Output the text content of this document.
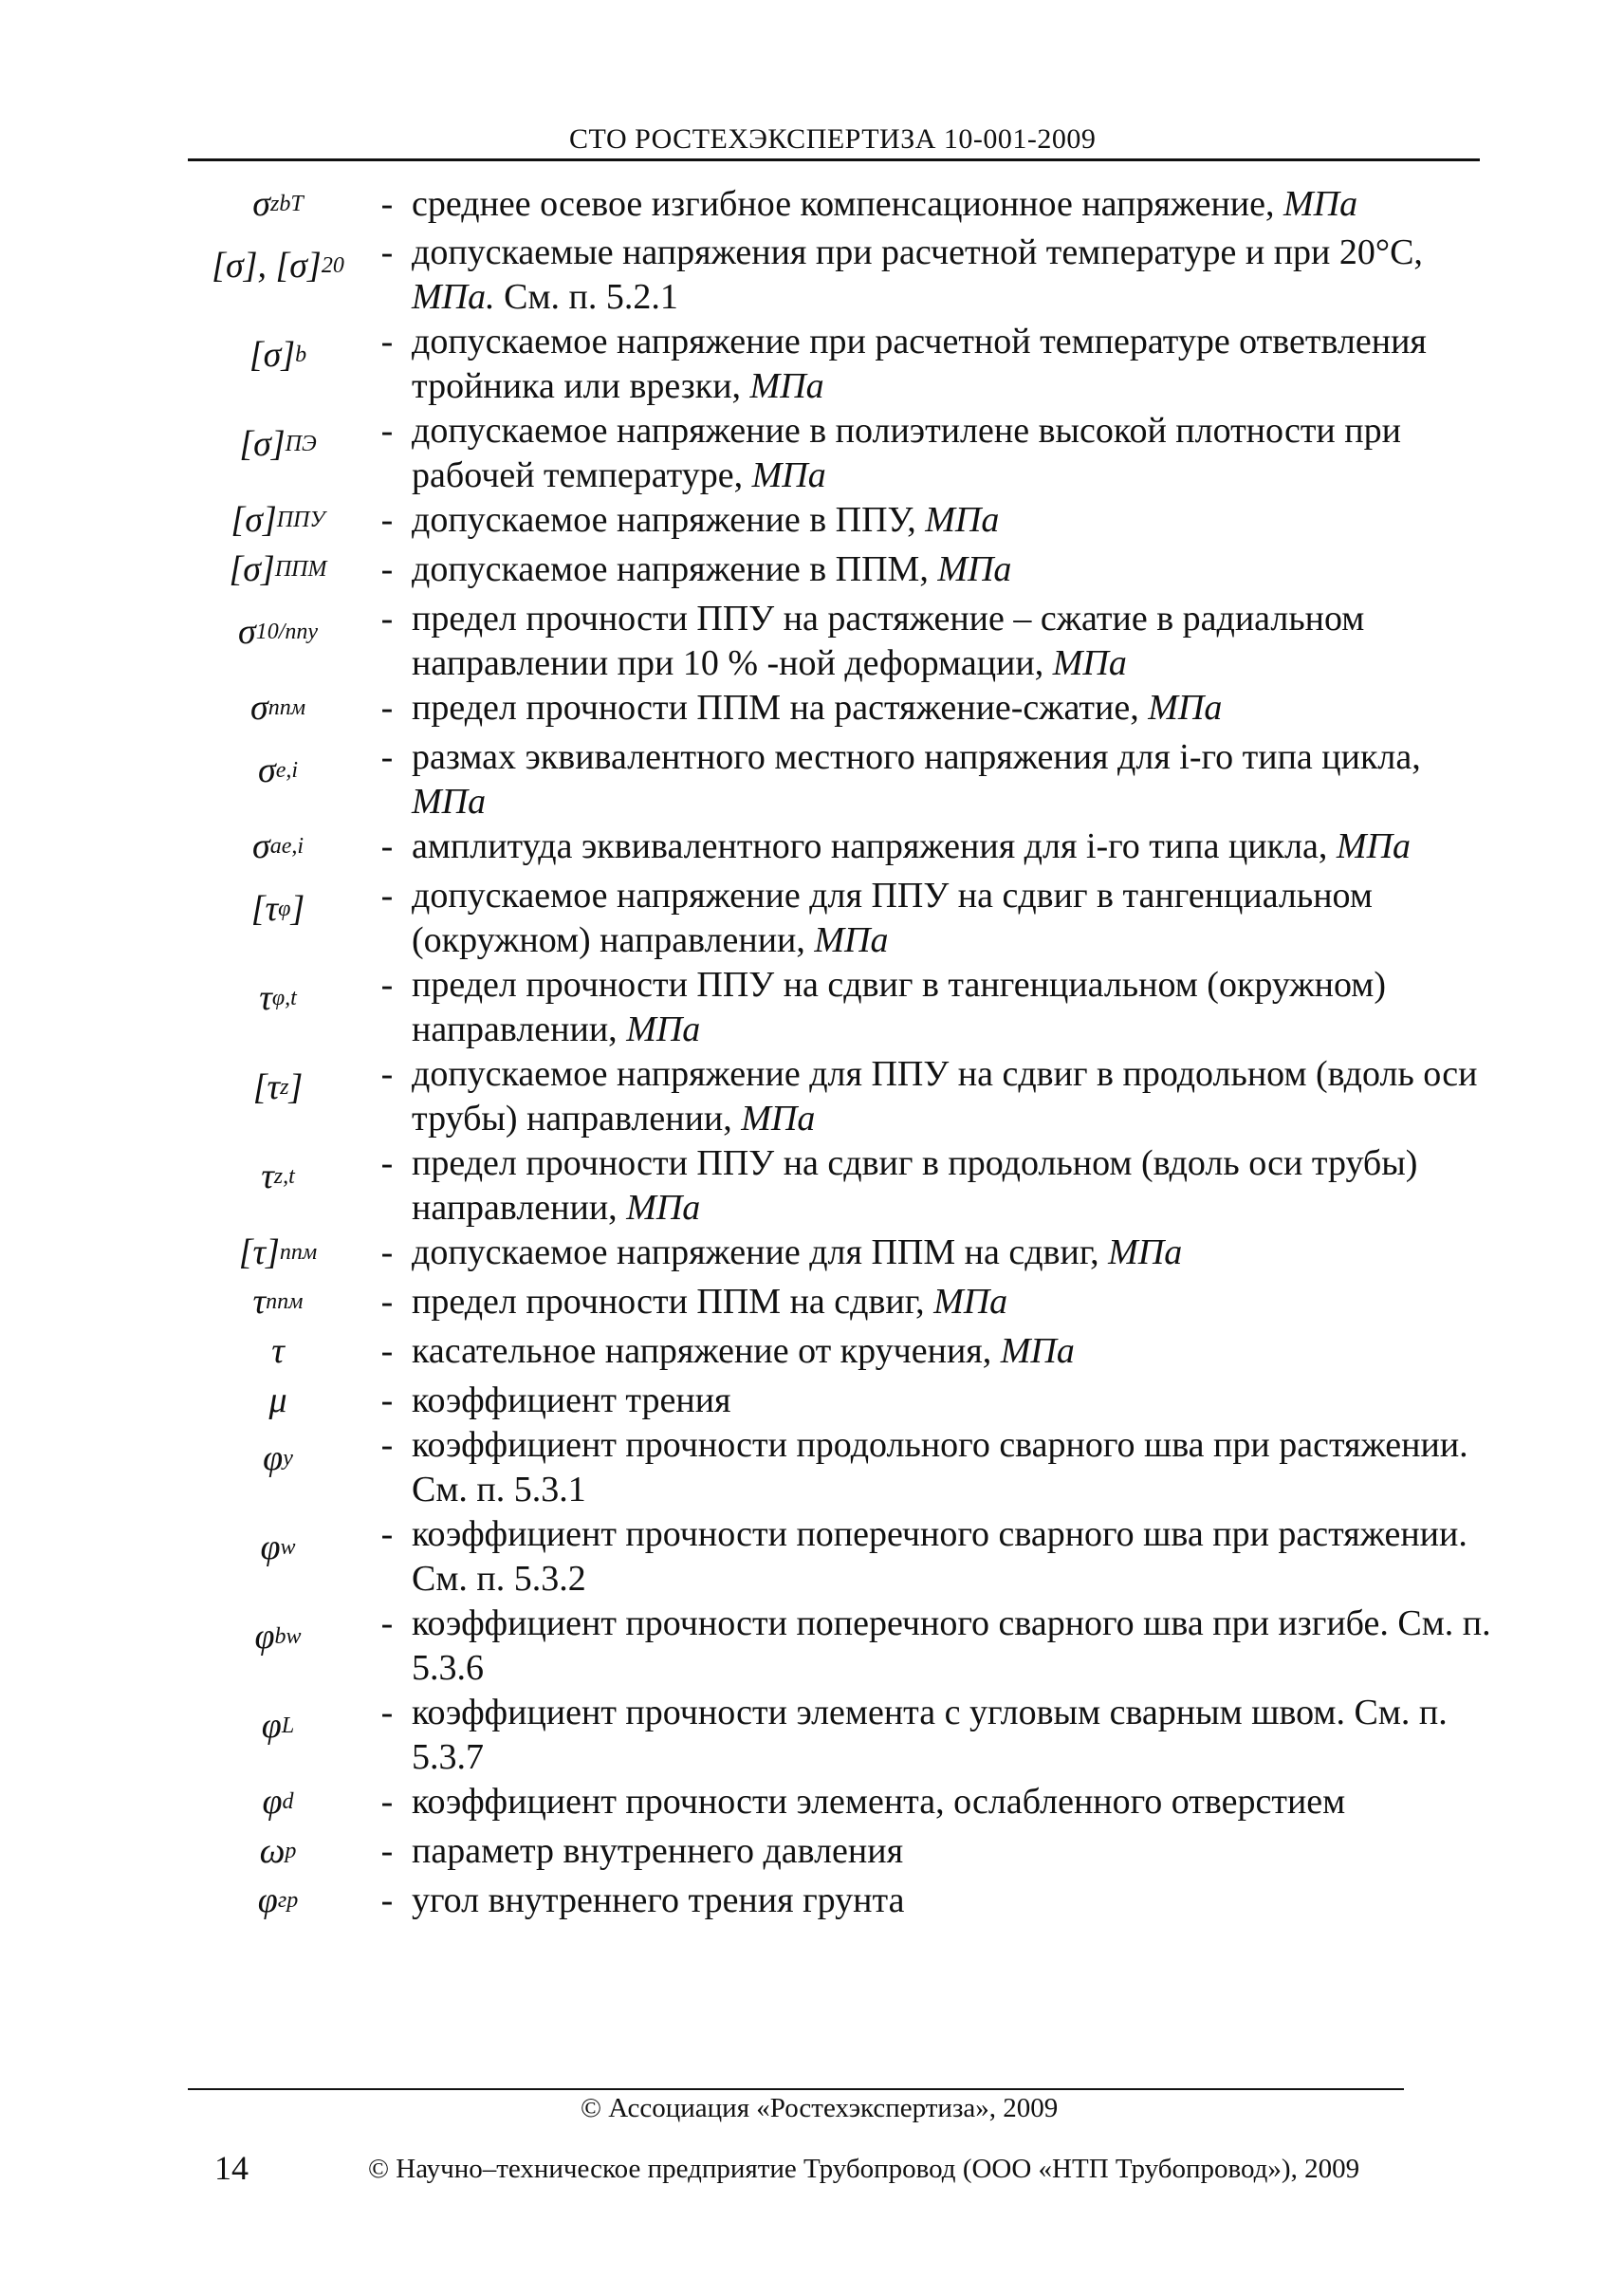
СТО РОСТЕХЭКСПЕРТИЗА 10-001-2009
σ zbT	- среднее осевое изгибное компенсационное напряжение, МПа
[σ], [σ] 20	- допускаемые напряжения при расчетной температуре и при 20°С, МПа. См. п. 5.2.1
[σ] b	- допускаемое напряжение при расчетной температуре ответвления тройника или врезки, МПа
[σ] ПЭ	- допускаемое напряжение в полиэтилене высокой плотности при рабочей температуре, МПа
[σ] ППУ	- допускаемое напряжение в ППУ, МПа
[σ] ППМ	- допускаемое напряжение в ППМ, МПа
σ 10/ппу	- предел прочности ППУ на растяжение – сжатие в радиальном направлении при 10 % -ной деформации, МПа
σ ппм	- предел прочности ППМ на растяжение-сжатие, МПа
σ e,i	- размах эквивалентного местного напряжения для i-го типа цикла, МПа
σ ae,i	- амплитуда эквивалентного напряжения для i-го типа цикла, МПа
[τ φ ]	- допускаемое напряжение для ППУ на сдвиг в тангенциальном (окружном) направлении, МПа
τ φ,t	- предел прочности ППУ на сдвиг в тангенциальном (окружном) направлении, МПа
[τ z ]	- допускаемое напряжение для ППУ на сдвиг в продольном (вдоль оси трубы) направлении, МПа
τ z,t	- предел прочности ППУ на сдвиг в продольном (вдоль оси трубы) направлении, МПа
[τ] ппм	- допускаемое напряжение для ППМ на сдвиг, МПа
τ ппм	- предел прочности ППМ на сдвиг, МПа
τ	- касательное напряжение от кручения, МПа
μ	- коэффициент трения
φ y	- коэффициент прочности продольного сварного шва при растяжении. См. п. 5.3.1
φ w	- коэффициент прочности поперечного сварного шва при растяжении. См. п. 5.3.2
φ bw	- коэффициент прочности поперечного сварного шва при изгибе. См. п. 5.3.6
φ L	- коэффициент прочности элемента с угловым сварным швом. См. п. 5.3.7
φ d	- коэффициент прочности элемента, ослабленного отверстием
ω p	- параметр внутреннего давления
φ гр	- угол внутреннего трения грунта
© Ассоциация «Ростехэкспертиза», 2009
14	© Научно–техническое предприятие Трубопровод (ООО «НТП Трубопровод»), 2009
